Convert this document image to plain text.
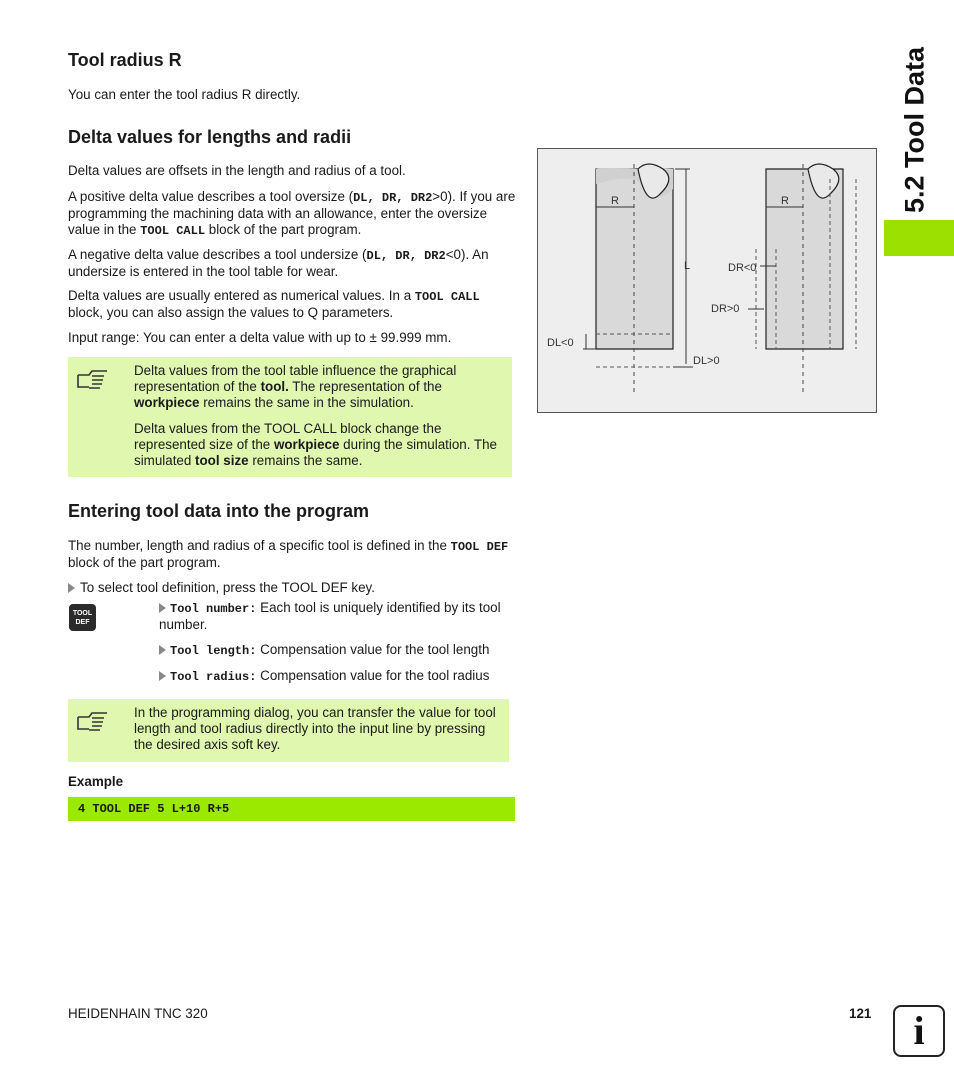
5.2 Tool Data
Tool radius R

You can enter the tool radius R directly.

Delta values for lengths and radii

Delta values are offsets in the length and radius of a tool.

A positive delta value describes a tool oversize (DL, DR, DR2>0). If you are programming the machining data with an allowance, enter the oversize value in the TOOL CALL block of the part program.

A negative delta value describes a tool undersize (DL, DR, DR2<0). An undersize is entered in the tool table for wear.

Delta values are usually entered as numerical values. In a TOOL CALL block, you can also assign the values to Q parameters.

Input range: You can enter a delta value with up to ± 99.999 mm.

Delta values from the tool table influence the graphical representation of the tool. The representation of the workpiece remains the same in the simulation.
Delta values from the TOOL CALL block change the represented size of the workpiece during the simulation. The simulated tool size remains the same.
R	R
L	DR<0
DR>0
DL<0
DL>0
Entering tool data into the program

The number, length and radius of a specific tool is defined in the TOOL DEF block of the part program.

To select tool definition, press the TOOL DEF key.

TOOL
DEF
Tool number: Each tool is uniquely identified by its tool number.
Tool length: Compensation value for the tool length
Tool radius: Compensation value for the tool radius
In the programming dialog, you can transfer the value for tool length and tool radius directly into the input line by pressing the desired axis soft key.
Example
4 TOOL DEF 5 L+10 R+5
HEIDENHAIN TNC 320	121	i
